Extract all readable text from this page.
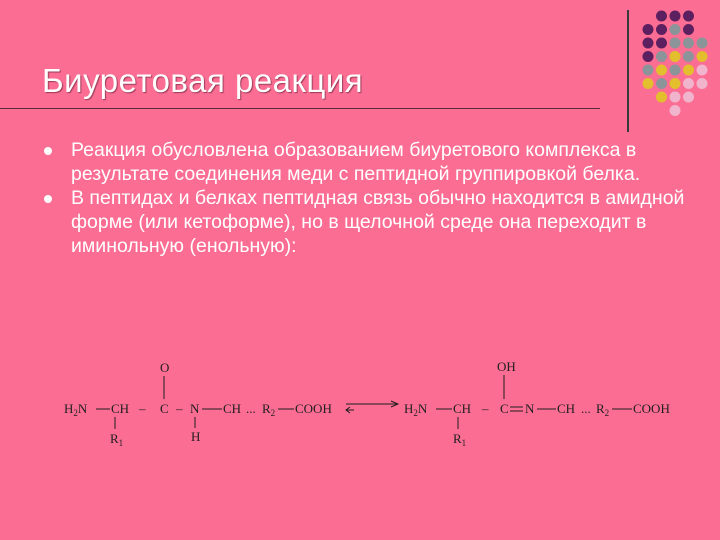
Биуретовая реакция
Реакция обусловлена образованием биуретового комплекса в результате соединения меди с пептидной группировкой белка.
В пептидах и белках пептидная связь обычно находится в амидной форме (или кетоформе), но в щелочной среде она переходит в иминольную (енольную):
$H_2N$ CH – C
O
– N
H
CH ... $R_2$ COOH
$R_1$
$H_2N$ CH – C
OH
N CH ... $R_2$ COOH
$R_1$
